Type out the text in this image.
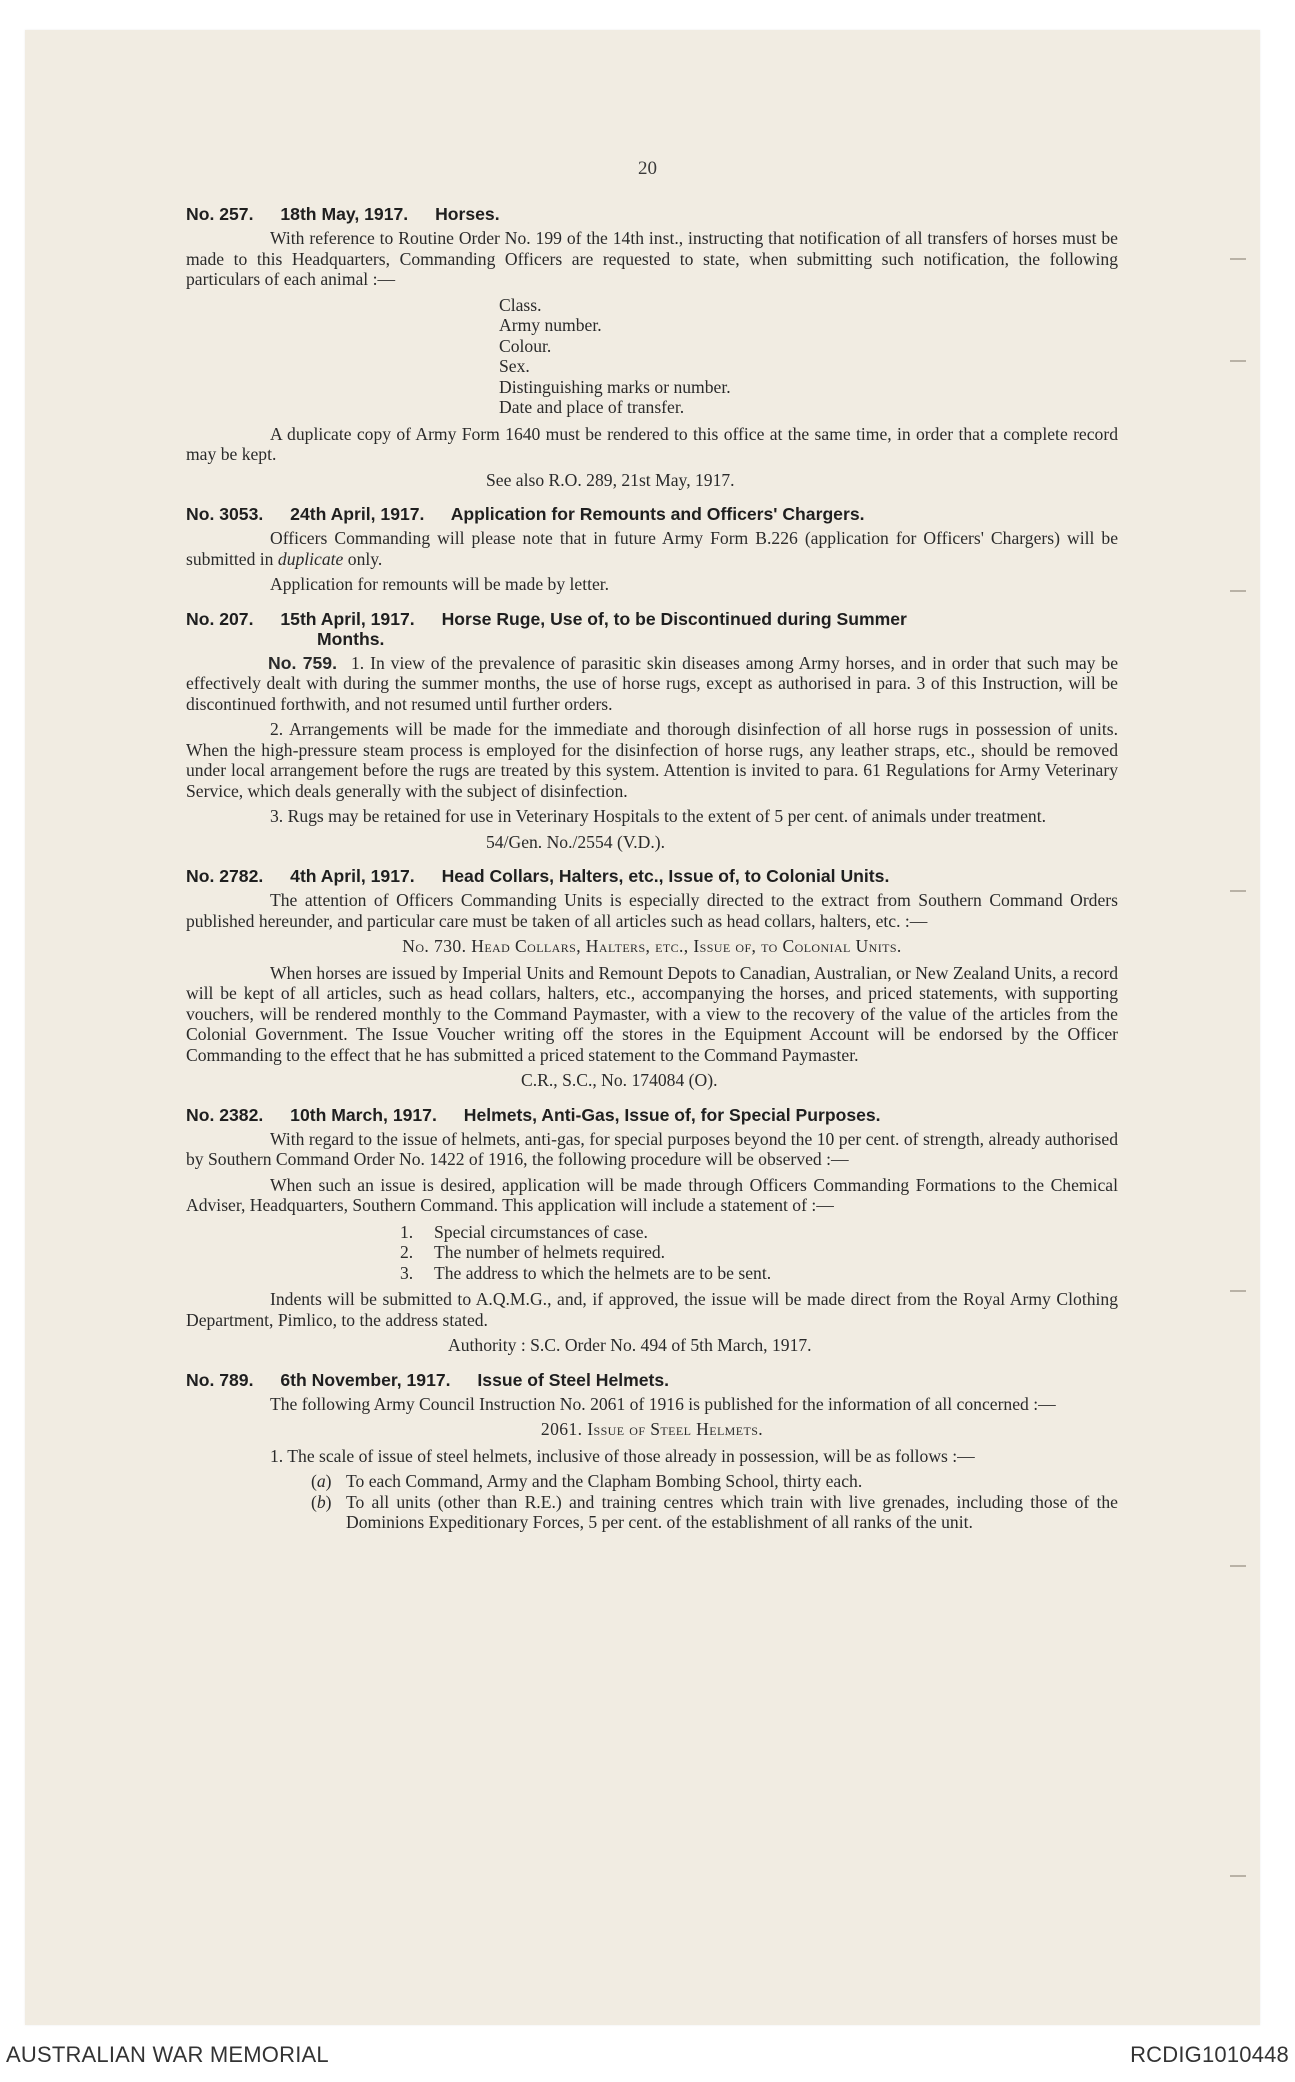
20
No. 257. 18th May, 1917. Horses.

With reference to Routine Order No. 199 of the 14th inst., instructing that notification of all transfers of horses must be made to this Headquarters, Commanding Officers are requested to state, when submitting such notification, the following particulars of each animal :—

Class.
Army number.
Colour.
Sex.
Distinguishing marks or number.
Date and place of transfer.

A duplicate copy of Army Form 1640 must be rendered to this office at the same time, in order that a complete record may be kept.

See also R.O. 289, 21st May, 1917.

No. 3053. 24th April, 1917. Application for Remounts and Officers' Chargers.

Officers Commanding will please note that in future Army Form B.226 (application for Officers' Chargers) will be submitted in duplicate only.

Application for remounts will be made by letter.

No. 207. 15th April, 1917. Horse Ruge, Use of, to be Discontinued during Summer
Months.

No. 759. 1. In view of the prevalence of parasitic skin diseases among Army horses, and in order that such may be effectively dealt with during the summer months, the use of horse rugs, except as authorised in para. 3 of this Instruction, will be discontinued forthwith, and not resumed until further orders.

2. Arrangements will be made for the immediate and thorough disinfection of all horse rugs in possession of units. When the high-pressure steam process is employed for the disinfection of horse rugs, any leather straps, etc., should be removed under local arrangement before the rugs are treated by this system. Attention is invited to para. 61 Regulations for Army Veterinary Service, which deals generally with the subject of disinfection.

3. Rugs may be retained for use in Veterinary Hospitals to the extent of 5 per cent. of animals under treatment.

54/Gen. No./2554 (V.D.).

No. 2782. 4th April, 1917. Head Collars, Halters, etc., Issue of, to Colonial Units.

The attention of Officers Commanding Units is especially directed to the extract from Southern Command Orders published hereunder, and particular care must be taken of all articles such as head collars, halters, etc. :—

No. 730. Head Collars, Halters, etc., Issue of, to Colonial Units.

When horses are issued by Imperial Units and Remount Depots to Canadian, Australian, or New Zealand Units, a record will be kept of all articles, such as head collars, halters, etc., accompanying the horses, and priced statements, with supporting vouchers, will be rendered monthly to the Command Paymaster, with a view to the recovery of the value of the articles from the Colonial Government. The Issue Voucher writing off the stores in the Equipment Account will be endorsed by the Officer Commanding to the effect that he has submitted a priced statement to the Command Paymaster.

C.R., S.C., No. 174084 (O).

No. 2382. 10th March, 1917. Helmets, Anti-Gas, Issue of, for Special Purposes.

With regard to the issue of helmets, anti-gas, for special purposes beyond the 10 per cent. of strength, already authorised by Southern Command Order No. 1422 of 1916, the following procedure will be observed :—

When such an issue is desired, application will be made through Officers Commanding Formations to the Chemical Adviser, Headquarters, Southern Command. This application will include a statement of :—

1. Special circumstances of case.
2. The number of helmets required.
3. The address to which the helmets are to be sent.

Indents will be submitted to A.Q.M.G., and, if approved, the issue will be made direct from the Royal Army Clothing Department, Pimlico, to the address stated.

Authority : S.C. Order No. 494 of 5th March, 1917.

No. 789. 6th November, 1917. Issue of Steel Helmets.

The following Army Council Instruction No. 2061 of 1916 is published for the information of all concerned :—

2061. Issue of Steel Helmets.

1. The scale of issue of steel helmets, inclusive of those already in possession, will be as follows :—

(a) To each Command, Army and the Clapham Bombing School, thirty each.
(b) To all units (other than R.E.) and training centres which train with live grenades, including those of the Dominions Expeditionary Forces, 5 per cent. of the establishment of all ranks of the unit.
AUSTRALIAN WAR MEMORIAL	RCDIG1010448
